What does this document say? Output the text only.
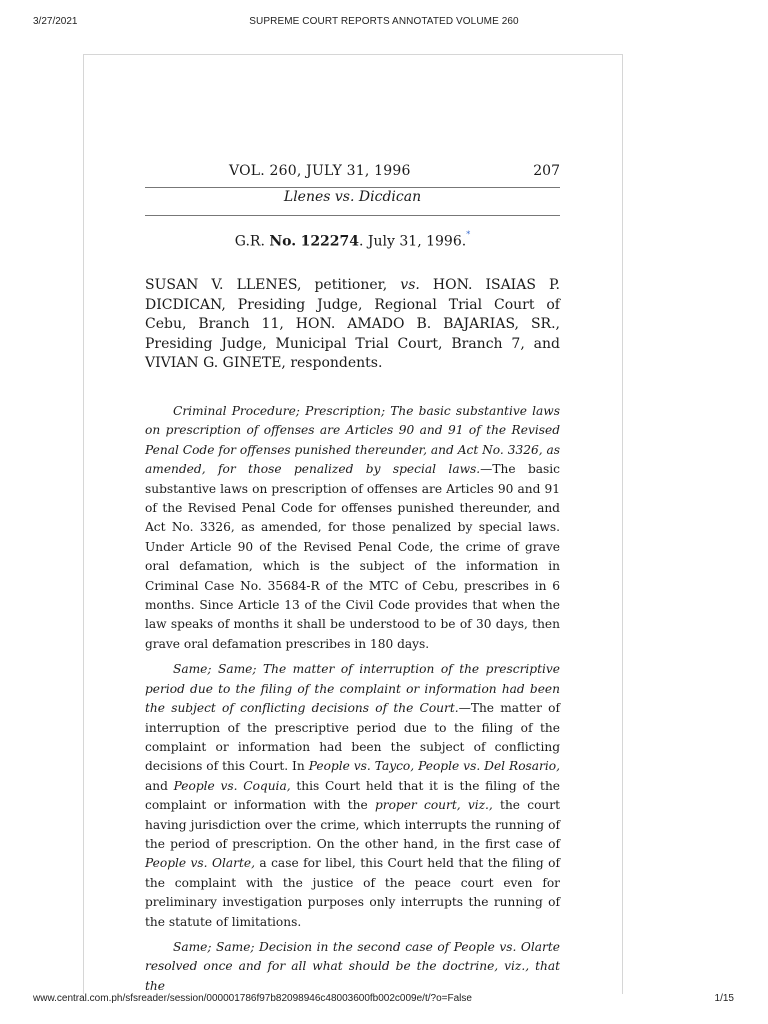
3/27/2021	SUPREME COURT REPORTS ANNOTATED VOLUME 260
VOL. 260, JULY 31, 1996	207
Llenes vs. Dicdican
G.R. No. 122274. July 31, 1996.*
SUSAN V. LLENES, petitioner, vs. HON. ISAIAS P. DICDICAN, Presiding Judge, Regional Trial Court of Cebu, Branch 11, HON. AMADO B. BAJARIAS, SR., Presiding Judge, Municipal Trial Court, Branch 7, and VIVIAN G. GINETE, respondents.

Criminal Procedure; Prescription; The basic substantive laws on prescription of offenses are Articles 90 and 91 of the Revised Penal Code for offenses punished thereunder, and Act No. 3326, as amended, for those penalized by special laws.—The basic substantive laws on prescription of offenses are Articles 90 and 91 of the Revised Penal Code for offenses punished thereunder, and Act No. 3326, as amended, for those penalized by special laws. Under Article 90 of the Revised Penal Code, the crime of grave oral defamation, which is the subject of the information in Criminal Case No. 35684-R of the MTC of Cebu, prescribes in 6 months. Since Article 13 of the Civil Code provides that when the law speaks of months it shall be understood to be of 30 days, then grave oral defamation prescribes in 180 days.

Same; Same; The matter of interruption of the prescriptive period due to the filing of the complaint or information had been the subject of conflicting decisions of the Court.—The matter of interruption of the prescriptive period due to the filing of the complaint or information had been the subject of conflicting decisions of this Court. In People vs. Tayco, People vs. Del Rosario, and People vs. Coquia, this Court held that it is the filing of the complaint or information with the proper court, viz., the court having jurisdiction over the crime, which interrupts the running of the period of prescription. On the other hand, in the first case of People vs. Olarte, a case for libel, this Court held that the filing of the complaint with the justice of the peace court even for preliminary investigation purposes only interrupts the running of the statute of limitations.

Same; Same; Decision in the second case of People vs. Olarte resolved once and for all what should be the doctrine, viz., that the

www.central.com.ph/sfsreader/session/000001786f97b82098946c48003600fb002c009e/t/?o=False	1/15
